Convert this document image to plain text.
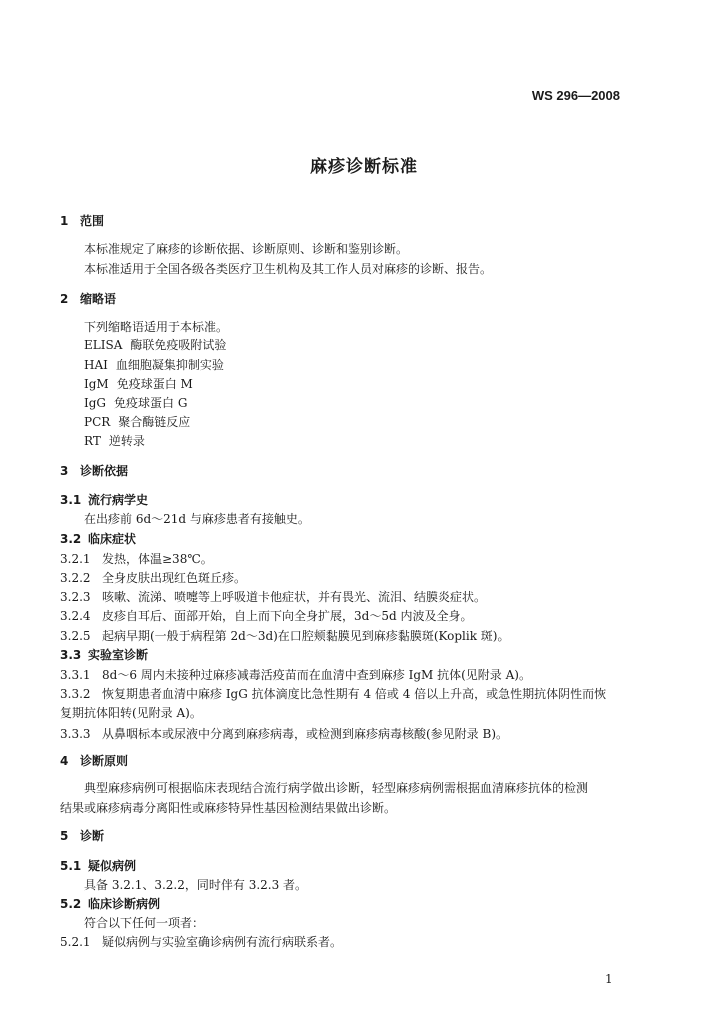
WS 296—2008
麻疹诊断标准
1 范围
本标准规定了麻疹的诊断依据、诊断原则、诊断和鉴别诊断。
本标准适用于全国各级各类医疗卫生机构及其工作人员对麻疹的诊断、报告。
2 缩略语
下列缩略语适用于本标准。
ELISA 酶联免疫吸附试验
HAI 血细胞凝集抑制实验
IgM 免疫球蛋白 M
IgG 免疫球蛋白 G
PCR 聚合酶链反应
RT 逆转录
3 诊断依据
3.1 流行病学史
在出疹前 6d～21d 与麻疹患者有接触史。
3.2 临床症状
3.2.1 发热，体温≥38℃。
3.2.2 全身皮肤出现红色斑丘疹。
3.2.3 咳嗽、流涕、喷嚏等上呼吸道卡他症状，并有畏光、流泪、结膜炎症状。
3.2.4 皮疹自耳后、面部开始，自上而下向全身扩展，3d～5d 内波及全身。
3.2.5 起病早期(一般于病程第 2d～3d)在口腔颊黏膜见到麻疹黏膜斑(Koplik 斑)。
3.3 实验室诊断
3.3.1 8d～6 周内未接种过麻疹减毒活疫苗而在血清中查到麻疹 IgM 抗体(见附录 A)。
3.3.2 恢复期患者血清中麻疹 IgG 抗体滴度比急性期有 4 倍或 4 倍以上升高，或急性期抗体阴性而恢
复期抗体阳转(见附录 A)。
3.3.3 从鼻咽标本或尿液中分离到麻疹病毒，或检测到麻疹病毒核酸(参见附录 B)。
4 诊断原则
典型麻疹病例可根据临床表现结合流行病学做出诊断，轻型麻疹病例需根据血清麻疹抗体的检测
结果或麻疹病毒分离阳性或麻疹特异性基因检测结果做出诊断。
5 诊断
5.1 疑似病例
具备 3.2.1、3.2.2，同时伴有 3.2.3 者。
5.2 临床诊断病例
符合以下任何一项者：
5.2.1 疑似病例与实验室确诊病例有流行病联系者。
1
